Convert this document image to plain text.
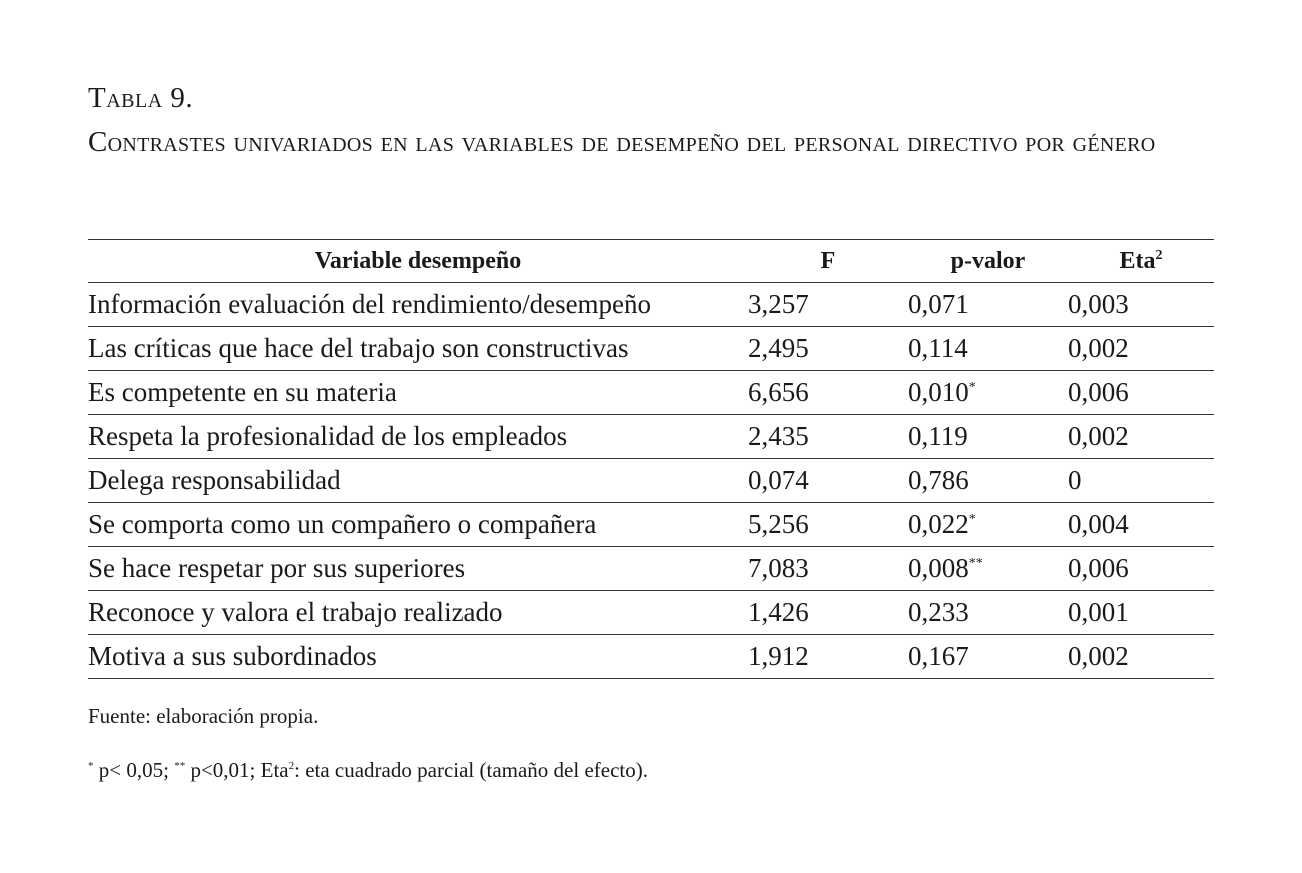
Tabla 9.
Contrastes univariados en las variables de desempeño del personal directivo por género
Variable desempeño	F	p-valor	Eta$^2$
Información evaluación del rendimiento/desempeño	3,257	0,071	0,003
Las críticas que hace del trabajo son constructivas	2,495	0,114	0,002
Es competente en su materia	6,656	0,010*	0,006
Respeta la profesionalidad de los empleados	2,435	0,119	0,002
Delega responsabilidad	0,074	0,786	0
Se comporta como un compañero o compañera	5,256	0,022*	0,004
Se hace respetar por sus superiores	7,083	0,008**	0,006
Reconoce y valora el trabajo realizado	1,426	0,233	0,001
Motiva a sus subordinados	1,912	0,167	0,002
Fuente: elaboración propia.
* p< 0,05; ** p<0,01; Eta$^2$: eta cuadrado parcial (tamaño del efecto).
